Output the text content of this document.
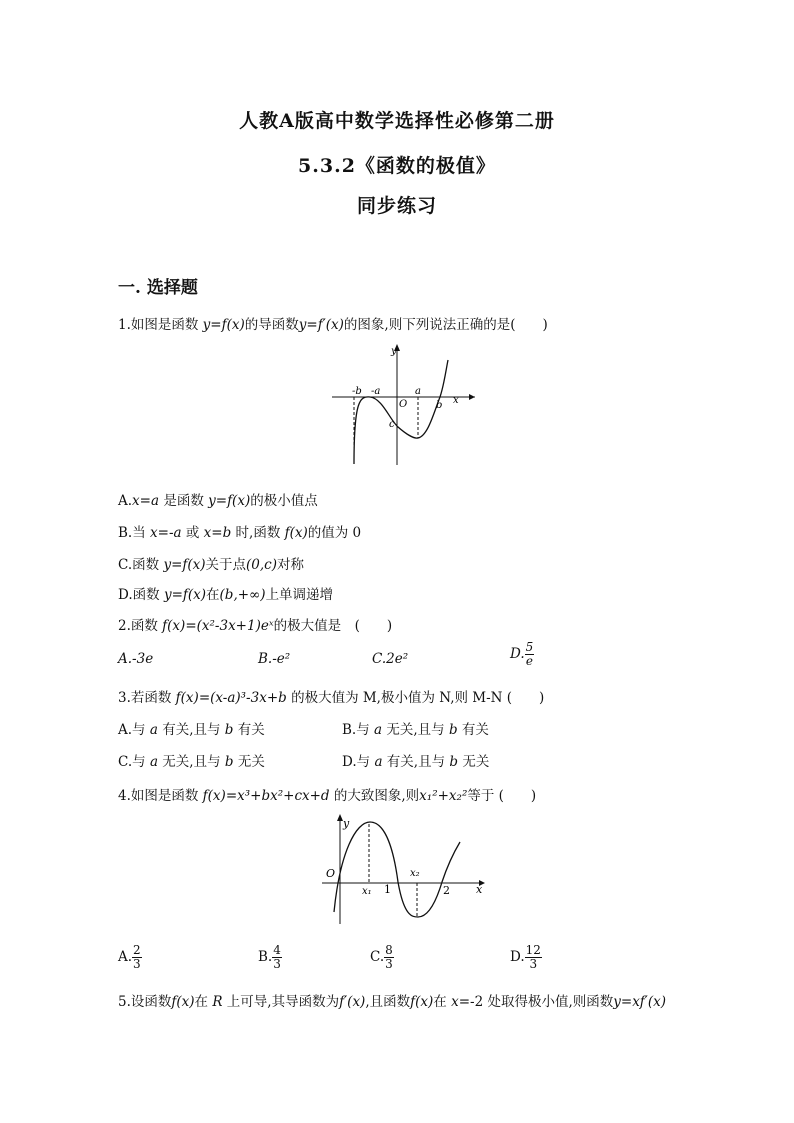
人教A版高中数学选择性必修第二册
5.3.2《函数的极值》
同步练习
一. 选择题
1.如图是函数 y=f(x)的导函数y=f′(x)的图象,则下列说法正确的是(　　)
y
x
-b -a
O
a
b
c
A.x=a 是函数 y=f(x)的极小值点
B.当 x=-a 或 x=b 时,函数 f(x)的值为 0
C.函数 y=f(x)关于点(0,c)对称
D.函数 y=f(x)在(b,+∞)上单调递增
2.函数 f(x)=(x²-3x+1)eˣ的极大值是　(　　)
A.-3e	B.-e²	C.2e²	D. $\frac{5}{e}$
3.若函数 f(x)=(x-a)³-3x+b 的极大值为 M,极小值为 N,则 M-N (　　)
A.与 a 有关,且与 b 有关	B.与 a 无关,且与 b 有关
C.与 a 无关,且与 b 无关	D.与 a 有关,且与 b 无关
4.如图是函数 f(x)=x³+bx²+cx+d 的大致图象,则x₁²+x₂²等于 (　　)
y
x
O
x₁
x₂
1	2
A. $\frac{2}{3}$	B. $\frac{4}{3}$	C. $\frac{8}{3}$	D. $\frac{12}{3}$
5.设函数f(x)在 R 上可导,其导函数为f′(x),且函数f(x)在 x=-2 处取得极小值,则函数y=xf′(x)
